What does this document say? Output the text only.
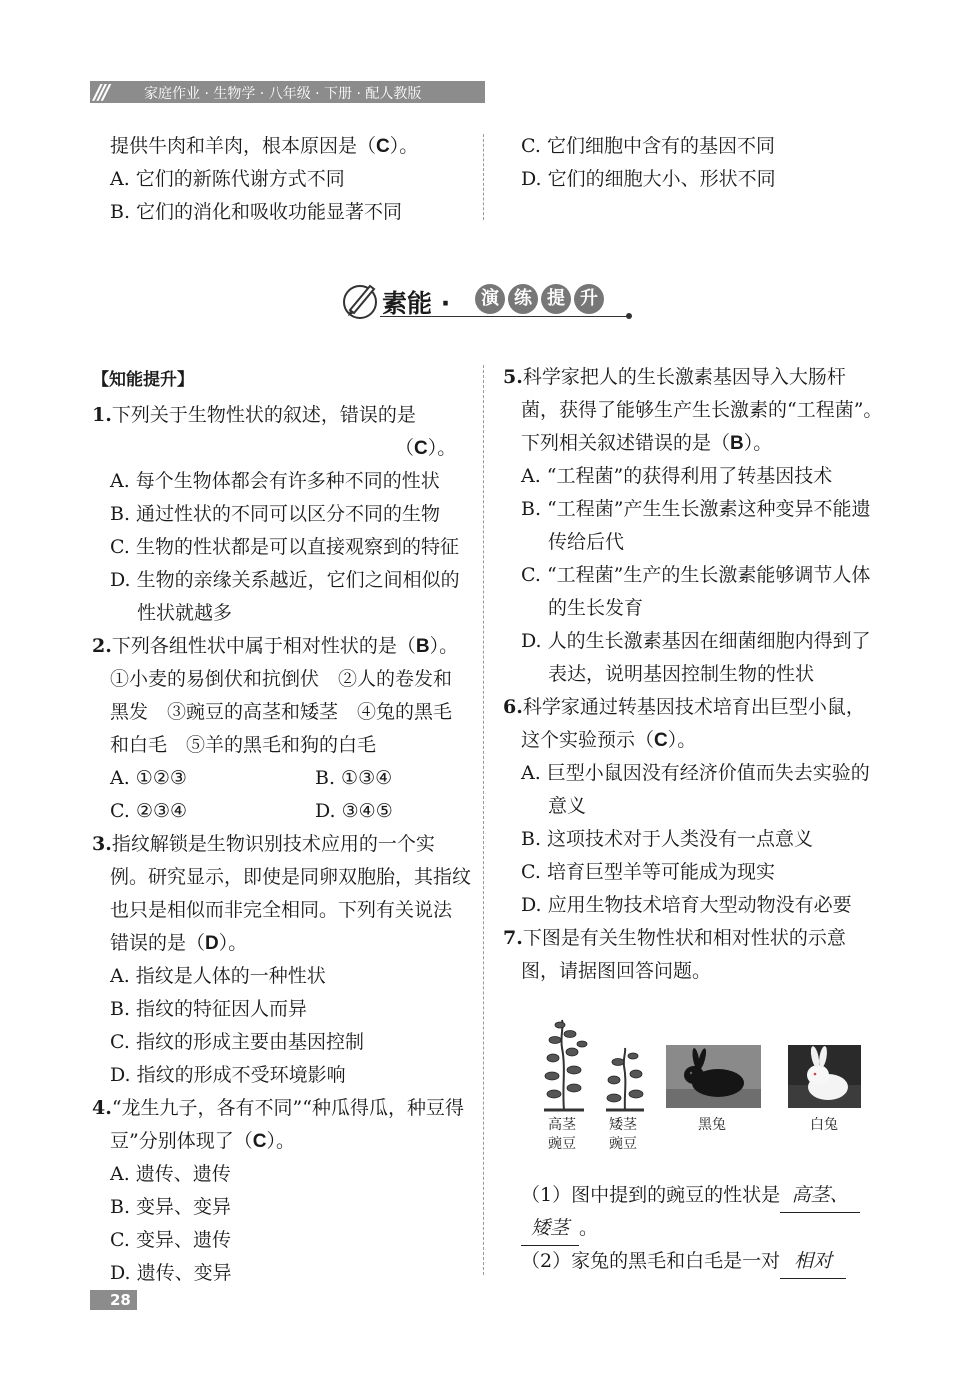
///	家庭作业 · 生物学 · 八年级 · 下册 · 配人教版
提供牛肉和羊肉，根本原因是（C）。
A. 它们的新陈代谢方式不同
B. 它们的消化和吸收功能显著不同
C. 它们细胞中含有的基因不同
D. 它们的细胞大小、形状不同
素能 ·	演 练 提 升
【知能提升】
1.下列关于生物性状的叙述，错误的是
（C）。
A. 每个生物体都会有许多种不同的性状
B. 通过性状的不同可以区分不同的生物
C. 生物的性状都是可以直接观察到的特征
D. 生物的亲缘关系越近，它们之间相似的
性状就越多
2.下列各组性状中属于相对性状的是（B）。
①小麦的易倒伏和抗倒伏　②人的卷发和
黑发　③豌豆的高茎和矮茎　④兔的黑毛
和白毛　⑤羊的黑毛和狗的白毛
A. ①②③	B. ①③④
C. ②③④	D. ③④⑤
3.指纹解锁是生物识别技术应用的一个实
例。研究显示，即使是同卵双胞胎，其指纹
也只是相似而非完全相同。下列有关说法
错误的是（D）。
A. 指纹是人体的一种性状
B. 指纹的特征因人而异
C. 指纹的形成主要由基因控制
D. 指纹的形成不受环境影响
4.“龙生九子，各有不同”“种瓜得瓜，种豆得
豆”分别体现了（C）。
A. 遗传、遗传
B. 变异、变异
C. 变异、遗传
D. 遗传、变异
5.科学家把人的生长激素基因导入大肠杆
菌，获得了能够生产生长激素的“工程菌”。
下列相关叙述错误的是（B）。
A. “工程菌”的获得利用了转基因技术
B. “工程菌”产生生长激素这种变异不能遗
传给后代
C. “工程菌”生产的生长激素能够调节人体
的生长发育
D. 人的生长激素基因在细菌细胞内得到了
表达，说明基因控制生物的性状
6.科学家通过转基因技术培育出巨型小鼠，
这个实验预示（C）。
A. 巨型小鼠因没有经济价值而失去实验的
意义
B. 这项技术对于人类没有一点意义
C. 培育巨型羊等可能成为现实
D. 应用生物技术培育大型动物没有必要
7.下图是有关生物性状和相对性状的示意
图，请据图回答问题。
高茎
豌豆
矮茎
豌豆
黑兔	白兔
（1）图中提到的豌豆的性状是 高茎、
矮茎 。
（2）家兔的黑毛和白毛是一对 相对
28
